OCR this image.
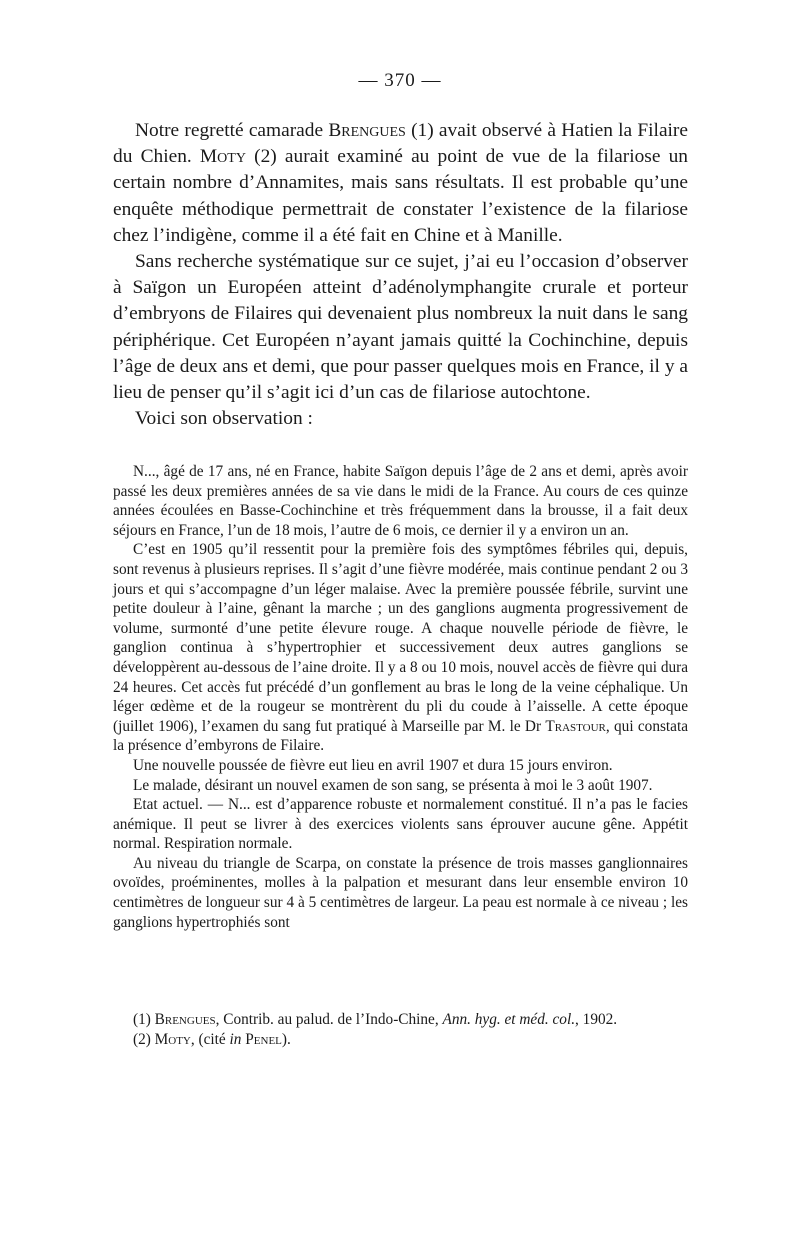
— 370 —

Notre regretté camarade Brengues (1) avait observé à Hatien la Filaire du Chien. Moty (2) aurait examiné au point de vue de la filariose un certain nombre d’Annamites, mais sans résultats. Il est probable qu’une enquête méthodique permettrait de constater l’existence de la filariose chez l’indigène, comme il a été fait en Chine et à Manille.

Sans recherche systématique sur ce sujet, j’ai eu l’occasion d’observer à Saïgon un Européen atteint d’adénolymphangite crurale et porteur d’embryons de Filaires qui devenaient plus nombreux la nuit dans le sang périphérique. Cet Européen n’ayant jamais quitté la Cochinchine, depuis l’âge de deux ans et demi, que pour passer quelques mois en France, il y a lieu de penser qu’il s’agit ici d’un cas de filariose autochtone.

Voici son observation :

N..., âgé de 17 ans, né en France, habite Saïgon depuis l’âge de 2 ans et demi, après avoir passé les deux premières années de sa vie dans le midi de la France. Au cours de ces quinze années écoulées en Basse-Cochinchine et très fréquemment dans la brousse, il a fait deux séjours en France, l’un de 18 mois, l’autre de 6 mois, ce dernier il y a environ un an.

C’est en 1905 qu’il ressentit pour la première fois des symptômes fébriles qui, depuis, sont revenus à plusieurs reprises. Il s’agit d’une fièvre modérée, mais continue pendant 2 ou 3 jours et qui s’accompagne d’un léger malaise. Avec la première poussée fébrile, survint une petite douleur à l’aine, gênant la marche ; un des ganglions augmenta progressivement de volume, surmonté d’une petite élevure rouge. A chaque nouvelle période de fièvre, le ganglion continua à s’hypertrophier et successivement deux autres ganglions se développèrent au-dessous de l’aine droite. Il y a 8 ou 10 mois, nouvel accès de fièvre qui dura 24 heures. Cet accès fut précédé d’un gonflement au bras le long de la veine céphalique. Un léger œdème et de la rougeur se montrèrent du pli du coude à l’aisselle. A cette époque (juillet 1906), l’examen du sang fut pratiqué à Marseille par M. le Dr Trastour, qui constata la présence d’embyrons de Filaire.

Une nouvelle poussée de fièvre eut lieu en avril 1907 et dura 15 jours environ.

Le malade, désirant un nouvel examen de son sang, se présenta à moi le 3 août 1907.

Etat actuel. — N... est d’apparence robuste et normalement constitué. Il n’a pas le facies anémique. Il peut se livrer à des exercices violents sans éprouver aucune gêne. Appétit normal. Respiration normale.

Au niveau du triangle de Scarpa, on constate la présence de trois masses ganglionnaires ovoïdes, proéminentes, molles à la palpation et mesurant dans leur ensemble environ 10 centimètres de longueur sur 4 à 5 centimètres de largeur. La peau est normale à ce niveau ; les ganglions hypertrophiés sont

(1) Brengues, Contrib. au palud. de l’Indo-Chine, Ann. hyg. et méd. col., 1902.

(2) Moty, (cité in Penel).
